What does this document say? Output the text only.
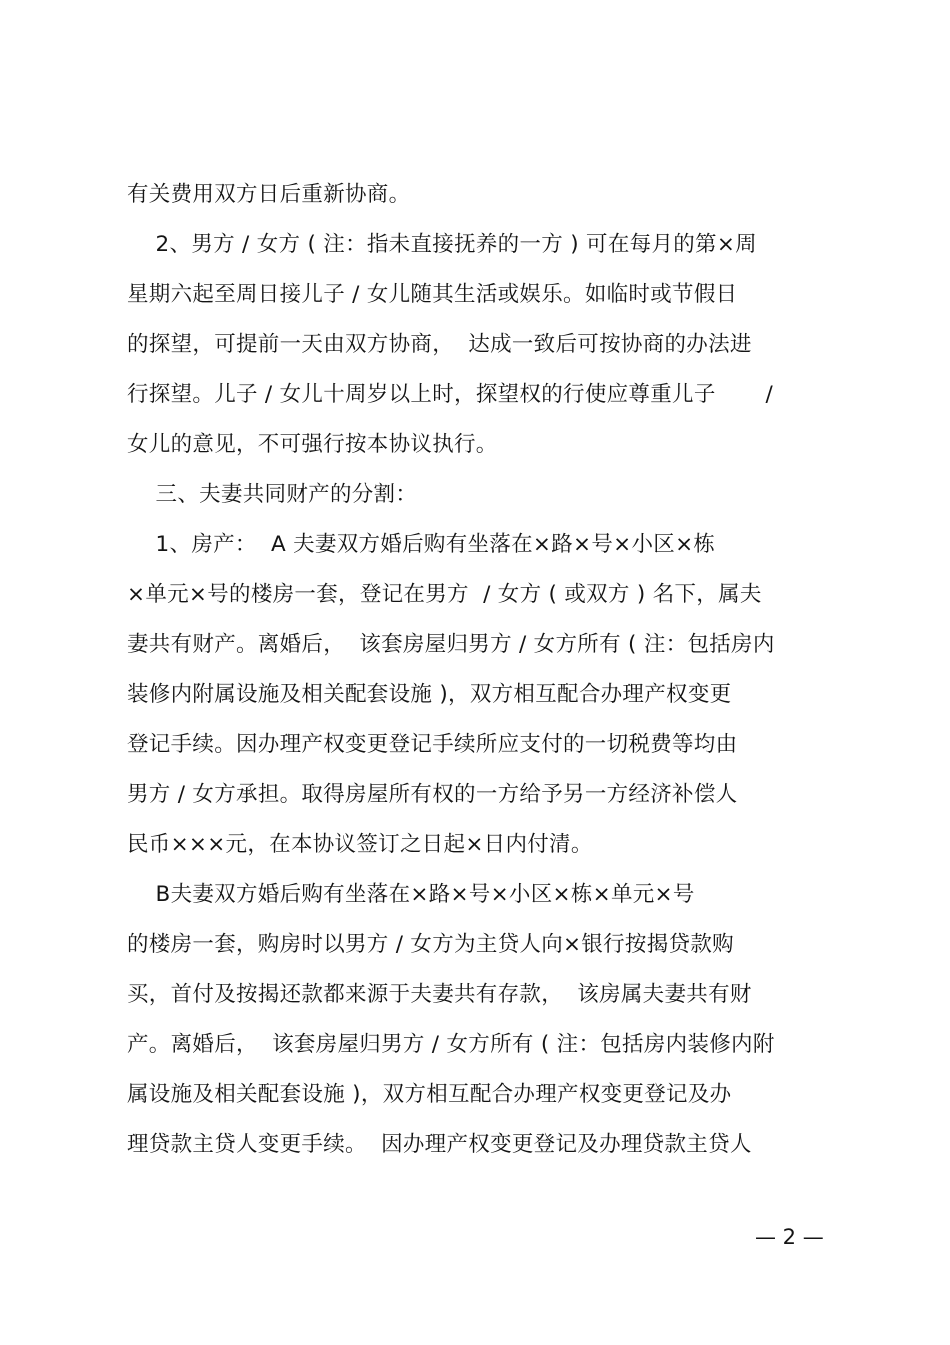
有关费用双方日后重新协商。
2、男方 / 女方 ( 注：指未直接抚养的一方 ) 可在每月的第×周
星期六起至周日接儿子 / 女儿随其生活或娱乐。如临时或节假日
的探望，可提前一天由双方协商，  达成一致后可按协商的办法进
行探望。儿子 / 女儿十周岁以上时，探望权的行使应尊重儿子       /
女儿的意见，不可强行按本协议执行。
三、夫妻共同财产的分割：
1、房产：  A 夫妻双方婚后购有坐落在×路×号×小区×栋
×单元×号的楼房一套，登记在男方  / 女方 ( 或双方 ) 名下，属夫
妻共有财产。离婚后，  该套房屋归男方 / 女方所有 ( 注：包括房内
装修内附属设施及相关配套设施 )，双方相互配合办理产权变更
登记手续。因办理产权变更登记手续所应支付的一切税费等均由
男方 / 女方承担。取得房屋所有权的一方给予另一方经济补偿人
民币×××元，在本协议签订之日起×日内付清。
B夫妻双方婚后购有坐落在×路×号×小区×栋×单元×号
的楼房一套，购房时以男方 / 女方为主贷人向×银行按揭贷款购
买，首付及按揭还款都来源于夫妻共有存款，  该房属夫妻共有财
产。离婚后，  该套房屋归男方 / 女方所有 ( 注：包括房内装修内附
属设施及相关配套设施 )，双方相互配合办理产权变更登记及办
理贷款主贷人变更手续。  因办理产权变更登记及办理贷款主贷人
— 2 —
